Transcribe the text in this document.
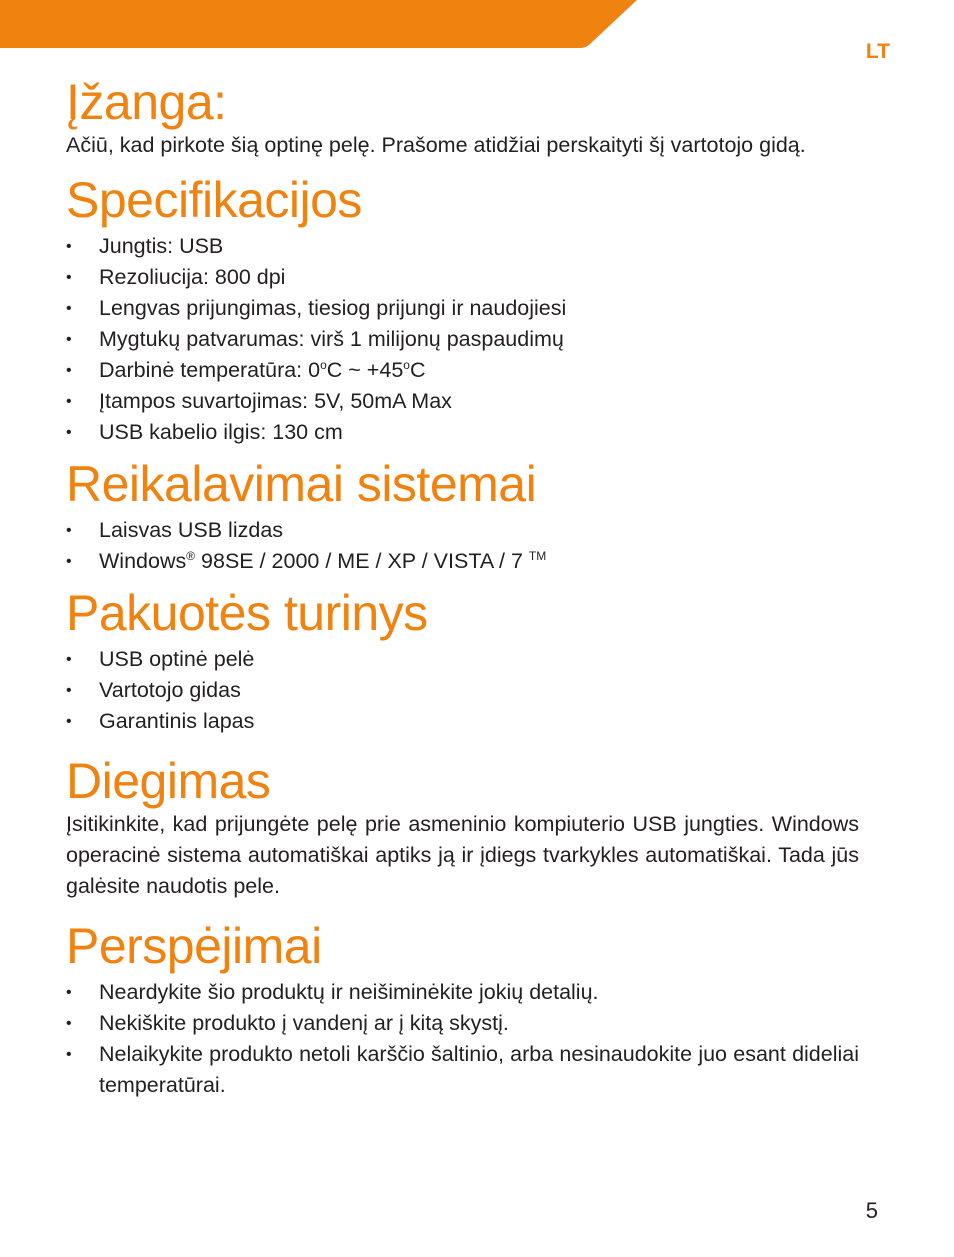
LT
Įžanga:

Ačiū, kad pirkote šią optinę pelę. Prašome atidžiai perskaityti šį vartotojo gidą.

Specifikacijos
• Jungtis: USB
• Rezoliucija: 800 dpi
• Lengvas prijungimas, tiesiog prijungi ir naudojiesi
• Mygtukų patvarumas: virš 1 milijonų paspaudimų
• Darbinė temperatūra: 0$^o$C ~ $+45^oC$
• Įtampos suvartojimas: 5V, 50mA Max
• USB kabelio ilgis: 130 cm
Reikalavimai sistemai
• Laisvas USB lizdas
• Windows® 98SE / 2000 / ME / XP / VISTA / 7 ™
Pakuotės turinys
• USB optinė pelė
• Vartotojo gidas
• Garantinis lapas
Diegimas

Įsitikinkite, kad prijungėte pelę prie asmeninio kompiuterio USB jungties. Windows operacinė sistema automatiškai aptiks ją ir įdiegs tvarkykles automatiškai. Tada jūs galėsite naudotis pele.

Perspėjimai
• Neardykite šio produktų ir neišiminėkite jokių detalių.
• Nekiškite produkto į vandenį ar į kitą skystį.
• Nelaikykite produkto netoli karščio šaltinio, arba nesinaudokite juo esant dideliai temperatūrai.
5
